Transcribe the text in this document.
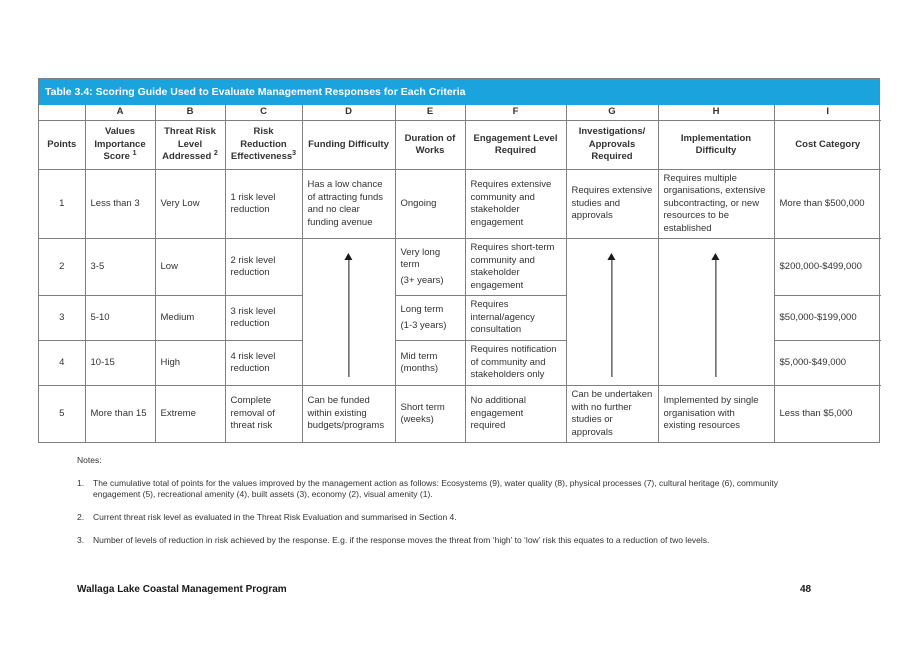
Table 3.4: Scoring Guide Used to Evaluate Management Responses for Each Criteria
	A	B	C	D	E	F	G	H	I
Points	Values Importance Score $^1$	Threat Risk Level Addressed $^2$	Risk Reduction Effectiveness$^3$	Funding Difficulty	Duration of Works	Engagement Level Required	Investigations/ Approvals Required	Implementation Difficulty	Cost Category
1	Less than 3	Very Low	1 risk level reduction	Has a low chance of attracting funds and no clear funding avenue	Ongoing	Requires extensive community and stakeholder engagement	Requires extensive studies and approvals	Requires multiple organisations, extensive subcontracting, or new resources to be established	More than $500,000
2	3-5	Low	2 risk level reduction		Very long term
(3+ years)	Requires short-term community and stakeholder engagement			$200,000-$499,000
3	5-10	Medium	3 risk level reduction		Long term
(1-3 years)	Requires internal/agency consultation			$50,000-$199,000
4	10-15	High	4 risk level reduction		Mid term (months)	Requires notification of community and stakeholders only			$5,000-$49,000
5	More than 15	Extreme	Complete removal of threat risk	Can be funded within existing budgets/programs	Short term (weeks)	No additional engagement required	Can be undertaken with no further studies or approvals	Implemented by single organisation with existing resources	Less than $5,000
Notes:
1.	The cumulative total of points for the values improved by the management action as follows: Ecosystems (9), water quality (8), physical processes (7), cultural heritage (6), community engagement (5), recreational amenity (4), built assets (3), economy (2), visual amenity (1).
2.	Current threat risk level as evaluated in the Threat Risk Evaluation and summarised in Section 4.
3.	Number of levels of reduction in risk achieved by the response. E.g. if the response moves the threat from ‘high’ to ‘low’ risk this equates to a reduction of two levels.
Wallaga Lake Coastal Management Program	48
